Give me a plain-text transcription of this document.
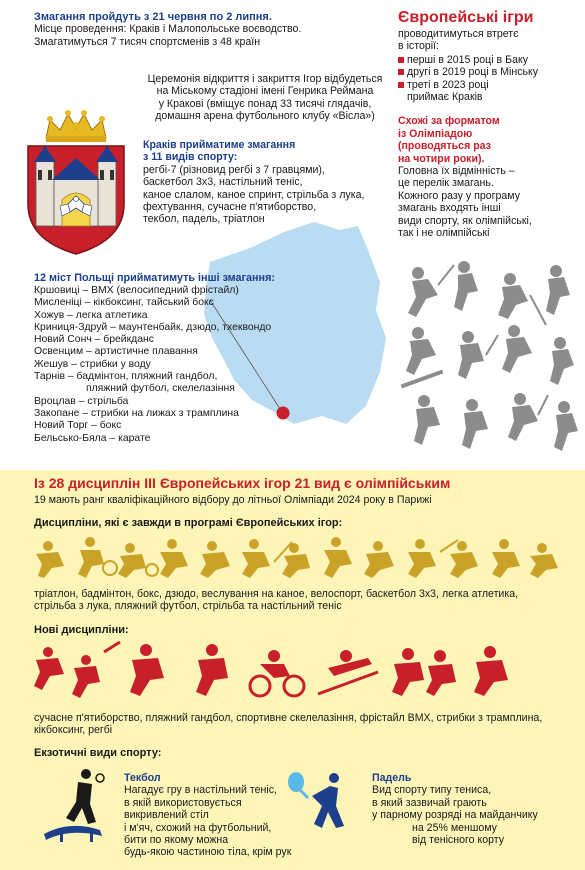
Змагання пройдуть з 21 червня по 2 липня.
Місце проведення: Краків і Малопольське воєводство.
Змагатимуться 7 тисяч спортсменів з 48 країн
Церемонія відкриття і закриття Ігор відбудеться
на Міському стадіоні імені Генрика Реймана
у Кракові (вміщує понад 33 тисячі глядачів,
домашня арена футбольного клубу «Вісла»)
Краків прийматиме змагання
з 11 видів спорту:
регбі-7 (різновид регбі з 7 гравцями),
баскетбол 3х3, настільний теніс,
каное слалом, каное спринт, стрільба з лука,
фехтування, сучасне п'ятиборство,
текбол, падель, тріатлон
12 міст Польщі прийматимуть інші змагання:
Кршовиці – BMX (велосипедний фрістайл)
Мисленіці – кікбоксинг, тайський бокс
Хожув – легка атлетика
Криниця-Здруй – маунтенбайк, дзюдо, тхеквондо
Новий Сонч – брейкданс
Освенцим – артистичне плавання
Жешув – стрибки у воду
Тарнів – бадмінтон, пляжний гандбол,
пляжний футбол, скелелазіння
Вроцлав – стрільба
Закопане – стрибки на лижах з трамплина
Новий Торг – бокс
Бельсько-Бяла – карате
Європейські ігри
проводитимуться втретє
в історії:
перші в 2015 році в Баку
другі в 2019 році в Мінську
треті в 2023 році
приймає Краків
Схожі за форматом
із Олімпіадою
(проводяться раз
на чотири роки).
Головна їх відмінність –
це перелік змагань.
Кожного разу у програму
змагань входять інші
види спорту, як олімпійські,
так і не олімпійські
Із 28 дисциплін ІІІ Європейських ігор 21 вид є олімпійським
19 мають ранг кваліфікаційного відбору до літньої Олімпіади 2024 року в Парижі
Дисципліни, які є завжди в програмі Європейських ігор:
тріатлон, бадмінтон, бокс, дзюдо, веслування на каное, велоспорт, баскетбол 3х3, легка атлетика,
стрільба з лука, пляжний футбол, стрільба та настільний теніс
Нові дисципліни:
сучасне п'ятиборство, пляжний гандбол, спортивне скелелазіння, фрістайл BMX, стрибки з трамплина,
кікбоксинг, регбі
Екзотичні види спорту:
Текбол
Нагадує гру в настільний теніс,
в якій використовується
викривлений стіл
і м'яч, схожий на футбольний,
бити по якому можна
будь-якою частиною тіла, крім рук
Падель
Вид спорту типу тениса,
в який зазвичай грають
у парному розряді на майданчику
на 25% меншому
від тенісного корту
